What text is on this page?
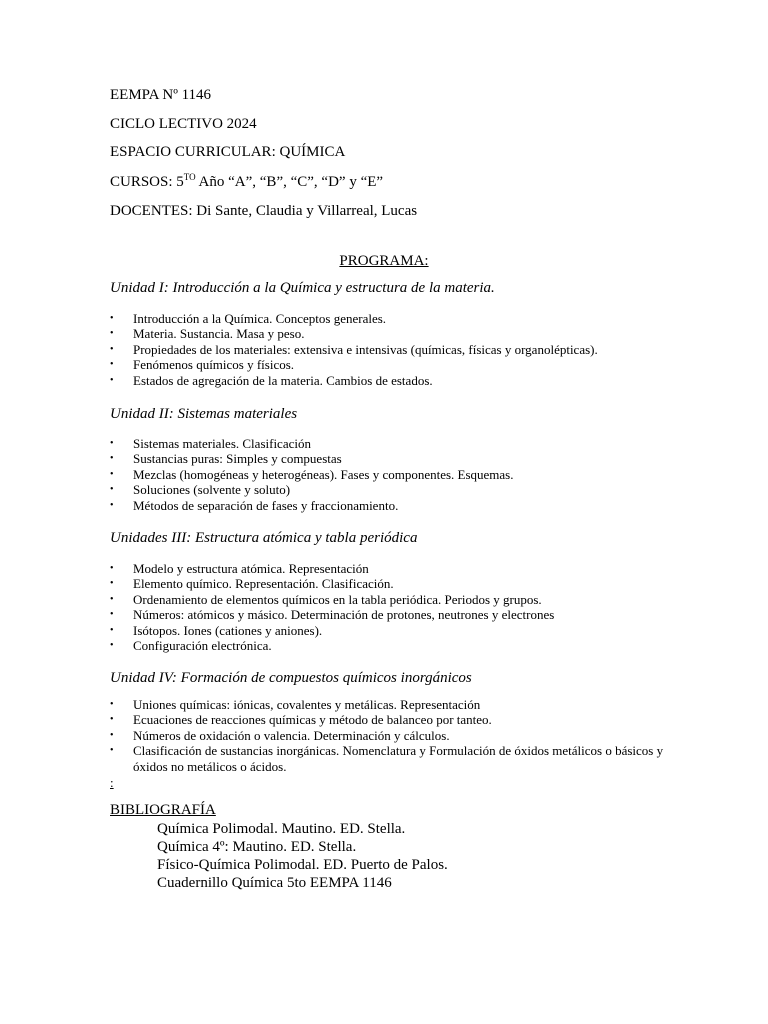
EEMPA Nº 1146
CICLO LECTIVO 2024
ESPACIO CURRICULAR: QUÍMICA
CURSOS: $5^{TO}$ Año “A”, “B”, “C”, “D” y “E”
DOCENTES: Di Sante, Claudia y Villarreal, Lucas
PROGRAMA:
Unidad I: Introducción a la Química y estructura de la materia.
• Introducción a la Química. Conceptos generales.
• Materia. Sustancia. Masa y peso.
• Propiedades de los materiales: extensiva e intensivas (químicas, físicas y organolépticas).
• Fenómenos químicos y físicos.
• Estados de agregación de la materia. Cambios de estados.
Unidad II: Sistemas materiales
• Sistemas materiales. Clasificación
• Sustancias puras: Simples y compuestas
• Mezclas (homogéneas y heterogéneas). Fases y componentes. Esquemas.
• Soluciones (solvente y soluto)
• Métodos de separación de fases y fraccionamiento.
Unidades III: Estructura atómica y tabla periódica
• Modelo y estructura atómica. Representación
• Elemento químico. Representación. Clasificación.
• Ordenamiento de elementos químicos en la tabla periódica. Periodos y grupos.
• Números: atómicos y másico. Determinación de protones, neutrones y electrones
• Isótopos. Iones (cationes y aniones).
• Configuración electrónica.
Unidad IV: Formación de compuestos químicos inorgánicos
• Uniones químicas: iónicas, covalentes y metálicas. Representación
• Ecuaciones de reacciones químicas y método de balanceo por tanteo.
• Números de oxidación o valencia. Determinación y cálculos.
• Clasificación de sustancias inorgánicas. Nomenclatura y Formulación de óxidos metálicos o básicos y óxidos no metálicos o ácidos.
:
BIBLIOGRAFÍA
Química Polimodal. Mautino. ED. Stella.
Química 4º: Mautino. ED. Stella.
Físico-Química Polimodal. ED. Puerto de Palos.
Cuadernillo Química 5to EEMPA 1146
